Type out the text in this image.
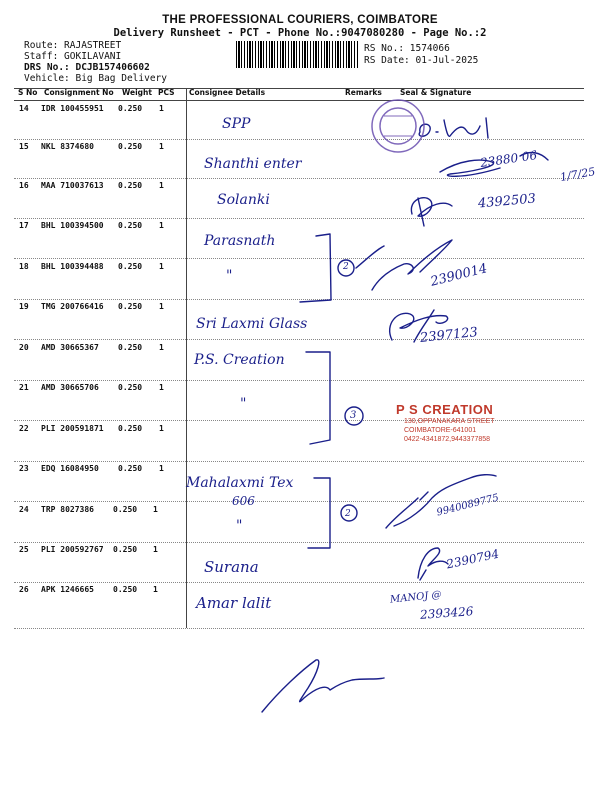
THE PROFESSIONAL COURIERS, COIMBATORE
Delivery Runsheet - PCT - Phone No.:9047080280 - Page No.:2
Route: RAJASTREET
Staff: GOKILAVANI
DRS No.: DCJB157406602
Vehicle: Big Bag Delivery
RS No.: 1574066
RS Date: 01-Jul-2025
S No Consignment No Weight PCS Consignee Details	Remarks Seal & Signature
14 IDR 100455951 0.250 1
15 NKL 8374680	0.250 1
16 MAA 710037613 0.250 1
17 BHL 100394500 0.250 1
18 BHL 100394488 0.250 1
19 TMG 200766416 0.250 1
20 AMD 30665367 0.250 1
21 AMD 30665706 0.250 1
22 PLI 200591871 0.250 1
23 EDQ 16084950 0.250 1
24 TRP 8027386 0.250 1
25 PLI 200592767 0.250 1
26 APK 1246665 0.250 1
SPP
Shanthi enter
Solanki
Parasnath
"
Sri Laxmi Glass
P.S. Creation
"
Mahalaxmi Tex
606
"
Surana
Amar lalit
23880 06
1/7/25
4392503
2390014
2397123
9940089775
2390794
MANOJ @
2393426
2
3
2
P S CREATION
130,OPPANAKARA STREET
COIMBATORE-641001
0422-4341872,9443377858
